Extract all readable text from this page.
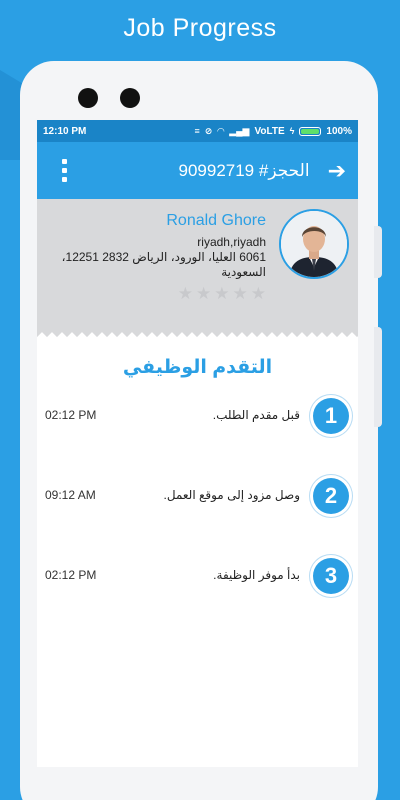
Job Progress
12:10 PM	≡ ⊘ ◠ ▂▄▆ VoLTE ϟ	100%
الحجز# 90992719 ➔
Ronald Ghore
riyadh,riyadh
6061 العليا، الورود، الرياض 2832 12251، السعودية
★ ★ ★ ★ ★
التقدم الوظيفي
1
قبل مقدم الطلب.
02:12 PM
2
وصل مزود إلى موقع العمل.
09:12 AM
3
بدأ موفر الوظيفة.
02:12 PM
